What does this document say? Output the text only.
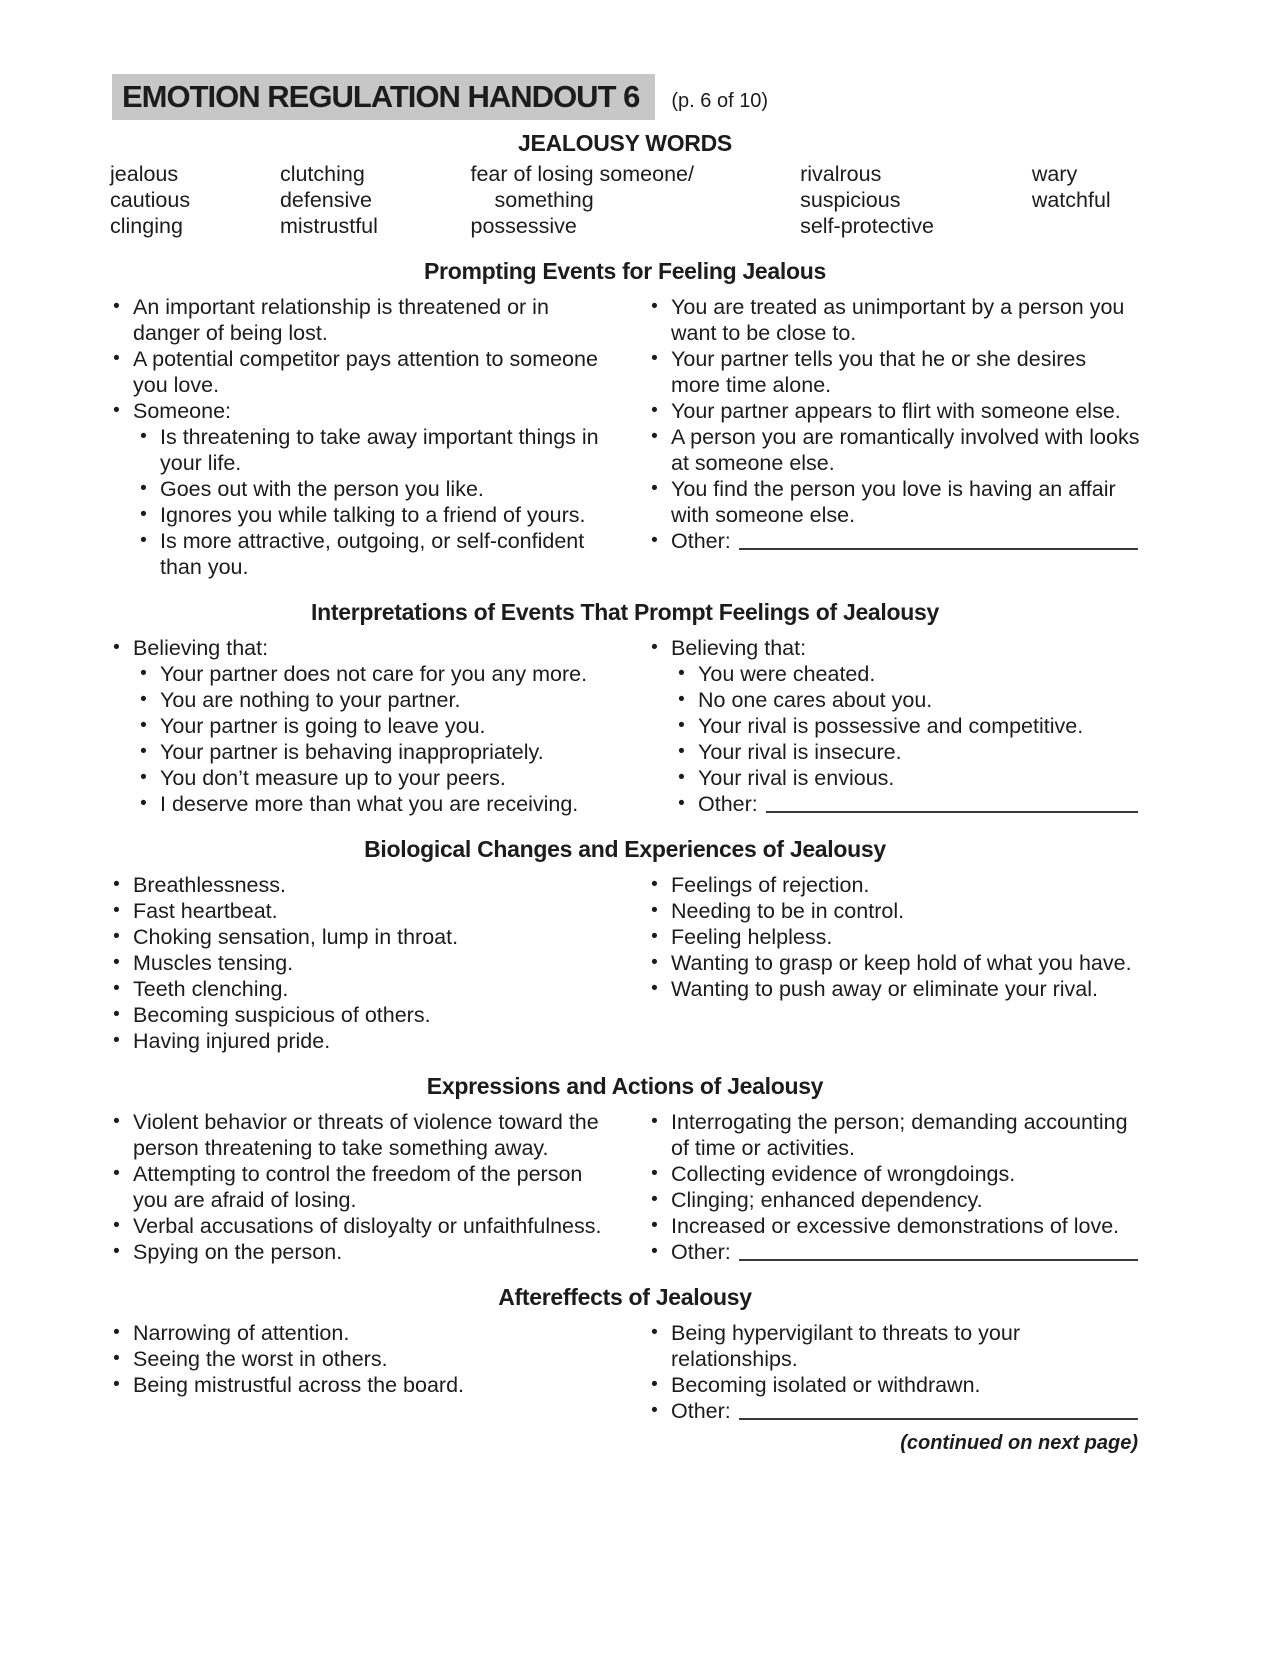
EMOTION REGULATION HANDOUT 6	(p. 6 of 10)
JEALOUSY WORDS
jealous
cautious
clinging
clutching
defensive
mistrustful
fear of losing someone/
something
possessive
rivalrous
suspicious
self-protective
wary
watchful
Prompting Events for Feeling Jealous
• An important relationship is threatened or in danger of being lost.
• A potential competitor pays attention to someone you love.
• Someone:
• Is threatening to take away important things in your life.
• Goes out with the person you like.
• Ignores you while talking to a friend of yours.
• Is more attractive, outgoing, or self-confident than you.
• You are treated as unimportant by a person you want to be close to.
• Your partner tells you that he or she desires more time alone.
• Your partner appears to flirt with someone else.
• A person you are romantically involved with looks at someone else.
• You find the person you love is having an affair with someone else.
• Other:
Interpretations of Events That Prompt Feelings of Jealousy
• Believing that:
• Your partner does not care for you any more.
• You are nothing to your partner.
• Your partner is going to leave you.
• Your partner is behaving inappropriately.
• You don’t measure up to your peers.
• I deserve more than what you are receiving.
• Believing that:
• You were cheated.
• No one cares about you.
• Your rival is possessive and competitive.
• Your rival is insecure.
• Your rival is envious.
• Other:
Biological Changes and Experiences of Jealousy
• Breathlessness.
• Fast heartbeat.
• Choking sensation, lump in throat.
• Muscles tensing.
• Teeth clenching.
• Becoming suspicious of others.
• Having injured pride.
• Feelings of rejection.
• Needing to be in control.
• Feeling helpless.
• Wanting to grasp or keep hold of what you have.
• Wanting to push away or eliminate your rival.
Expressions and Actions of Jealousy
• Violent behavior or threats of violence toward the person threatening to take something away.
• Attempting to control the freedom of the person you are afraid of losing.
• Verbal accusations of disloyalty or unfaithfulness.
• Spying on the person.
• Interrogating the person; demanding accounting of time or activities.
• Collecting evidence of wrongdoings.
• Clinging; enhanced dependency.
• Increased or excessive demonstrations of love.
• Other:
Aftereffects of Jealousy
• Narrowing of attention.
• Seeing the worst in others.
• Being mistrustful across the board.
• Being hypervigilant to threats to your relationships.
• Becoming isolated or withdrawn.
• Other:
(continued on next page)
